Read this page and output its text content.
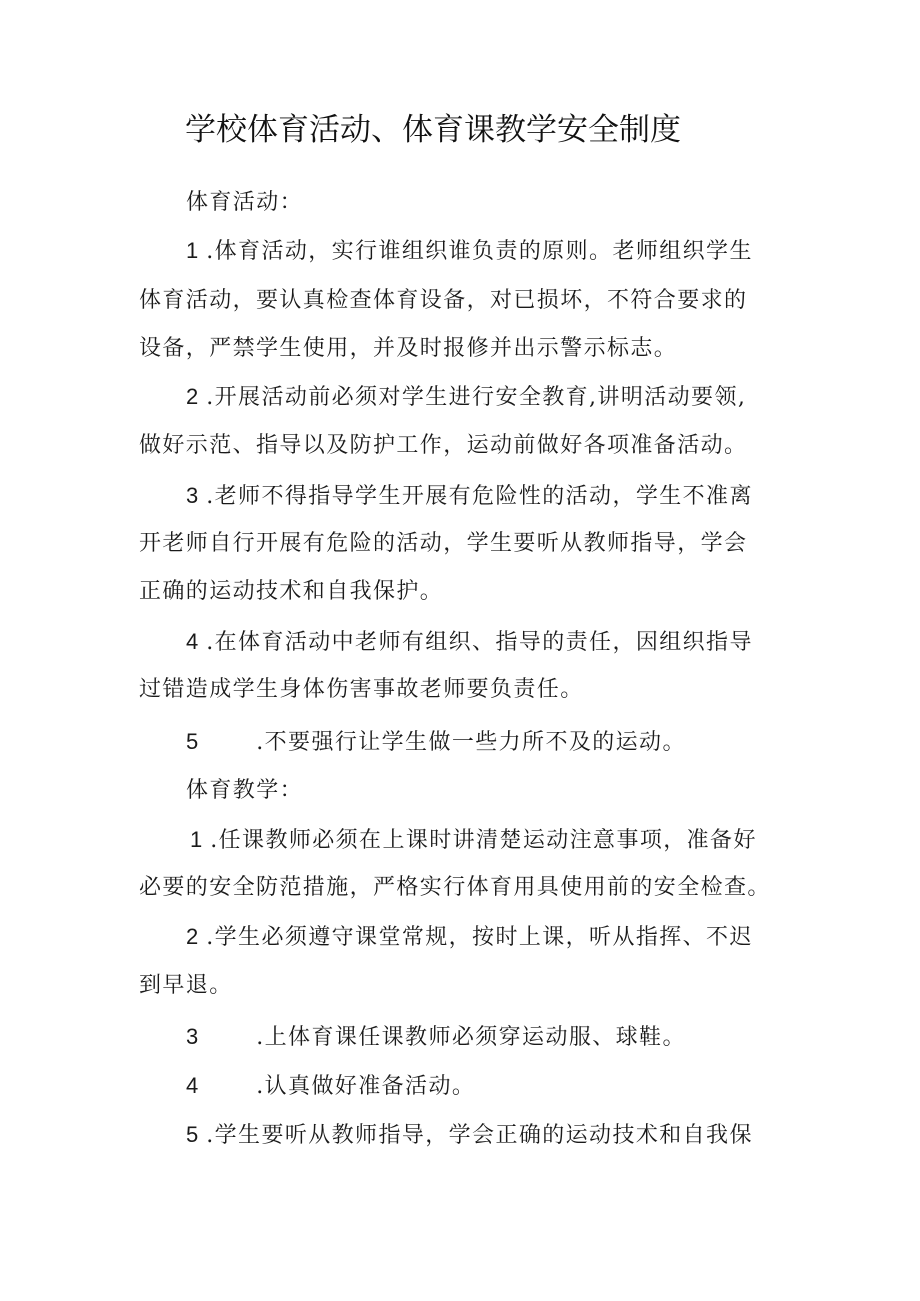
学校体育活动、体育课教学安全制度
体育活动：
1 .体育活动，实行谁组织谁负责的原则。老师组织学生
体育活动，要认真检查体育设备，对已损坏，不符合要求的
设备，严禁学生使用，并及时报修并出示警示标志。
2 .开展活动前必须对学生进行安全教育,讲明活动要领,
做好示范、指导以及防护工作，运动前做好各项准备活动。
3 .老师不得指导学生开展有危险性的活动，学生不准离
开老师自行开展有危险的活动，学生要听从教师指导，学会
正确的运动技术和自我保护。
4 .在体育活动中老师有组织、指导的责任，因组织指导
过错造成学生身体伤害事故老师要负责任。
5	.不要强行让学生做一些力所不及的运动。
体育教学：
1 .任课教师必须在上课时讲清楚运动注意事项，准备好
必要的安全防范措施，严格实行体育用具使用前的安全检查。
2 .学生必须遵守课堂常规，按时上课，听从指挥、不迟
到早退。
3	.上体育课任课教师必须穿运动服、球鞋。
4	.认真做好准备活动。
5 .学生要听从教师指导，学会正确的运动技术和自我保
